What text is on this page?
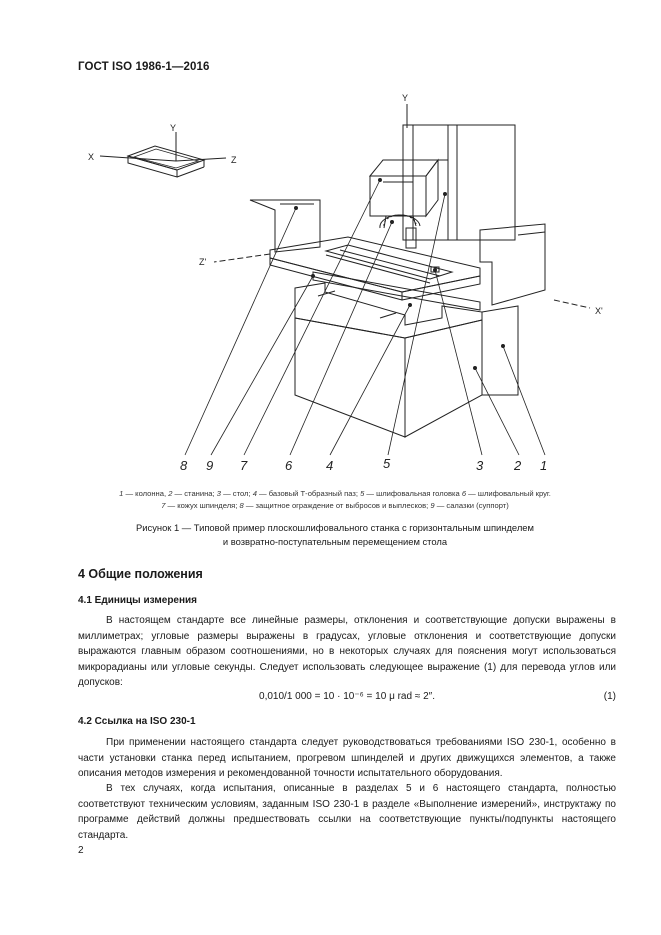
ГОСТ ISO 1986-1—2016
Y
X	Z
Y
Z'
X'
8 9 7	6	4	5	3 2 1
1 — колонна, 2 — станина; 3 — стол; 4 — базовый Т-образный паз; 5 — шлифовальная головка 6 — шлифовальный круг.
7 — кожух шпинделя; 8 — защитное ограждение от выбросов и выплесков; 9 — салазки (суппорт)
Рисунок 1 — Типовой пример плоскошлифовального станка с горизонтальным шпинделем
и возвратно-поступательным перемещением стола
4 Общие положения
4.1 Единицы измерения
В настоящем стандарте все линейные размеры, отклонения и соответствующие допуски выражены в миллиметрах; угловые размеры выражены в градусах, угловые отклонения и соответствующие допуски выражаются главным образом соотношениями, но в некоторых случаях для пояснения могут использоваться микрорадианы или угловые секунды. Следует использовать следующее выражение (1) для перевода углов или допусков:
0,010/1 000 = 10 · 10⁻⁶ = 10 μ rad ≈ 2″.	(1)
4.2 Ссылка на ISO 230-1
При применении настоящего стандарта следует руководствоваться требованиями ISO 230-1, особенно в части установки станка перед испытанием, прогревом шпинделей и других движущихся элементов, а также описания методов измерения и рекомендованной точности испытательного оборудования.
В тех случаях, когда испытания, описанные в разделах 5 и 6 настоящего стандарта, полностью соответствуют техническим условиям, заданным ISO 230-1 в разделе «Выполнение измерений», инструктажу по программе действий должны предшествовать ссылки на соответствующие пункты/подпункты настоящего стандарта.
2
